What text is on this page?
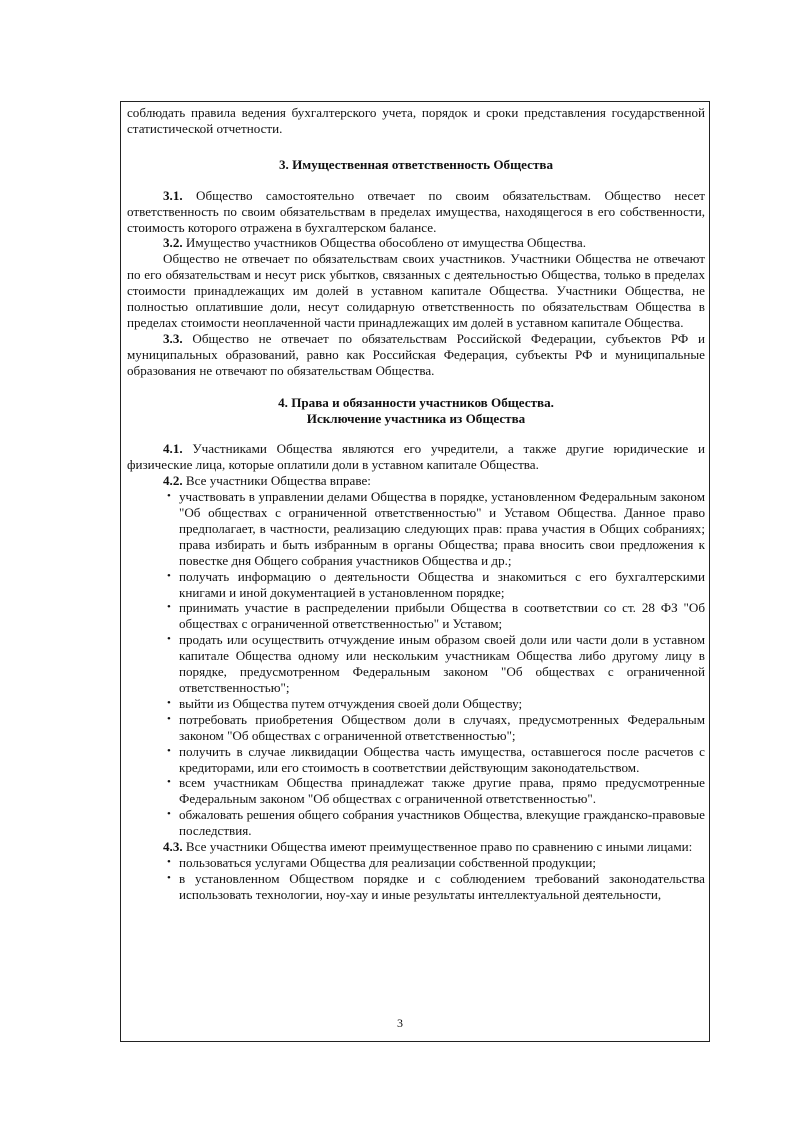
соблюдать правила ведения бухгалтерского учета, порядок и сроки представления государственной статистической отчетности.

3. Имущественная ответственность Общества

3.1. Общество самостоятельно отвечает по своим обязательствам. Общество несет ответственность по своим обязательствам в пределах имущества, находящегося в его собственности, стоимость которого отражена в бухгалтерском балансе.

3.2. Имущество участников Общества обособлено от имущества Общества.

Общество не отвечает по обязательствам своих участников. Участники Общества не отвечают по его обязательствам и несут риск убытков, связанных с деятельностью Общества, только в пределах стоимости принадлежащих им долей в уставном капитале Общества. Участники Общества, не полностью оплатившие доли, несут солидарную ответственность по обязательствам Общества в пределах стоимости неоплаченной части принадлежащих им долей в уставном капитале Общества.

3.3. Общество не отвечает по обязательствам Российской Федерации, субъектов РФ и муниципальных образований, равно как Российская Федерация, субъекты РФ и муниципальные образования не отвечают по обязательствам Общества.

4. Права и обязанности участников Общества.
Исключение участника из Общества

4.1. Участниками Общества являются его учредители, а также другие юридические и физические лица, которые оплатили доли в уставном капитале Общества.

4.2. Все участники Общества вправе:

• участвовать в управлении делами Общества в порядке, установленном Федеральным законом "Об обществах с ограниченной ответственностью" и Уставом Общества. Данное право предполагает, в частности, реализацию следующих прав: права участия в Общих собраниях; права избирать и быть избранным в органы Общества; права вносить свои предложения к повестке дня Общего собрания участников Общества и др.;
• получать информацию о деятельности Общества и знакомиться с его бухгалтерскими книгами и иной документацией в установленном порядке;
• принимать участие в распределении прибыли Общества в соответствии со ст. 28 ФЗ "Об обществах с ограниченной ответственностью" и Уставом;
• продать или осуществить отчуждение иным образом своей доли или части доли в уставном капитале Общества одному или нескольким участникам Общества либо другому лицу в порядке, предусмотренном Федеральным законом "Об обществах с ограниченной ответственностью";
• выйти из Общества путем отчуждения своей доли Обществу;
• потребовать приобретения Обществом доли в случаях, предусмотренных Федеральным законом "Об обществах с ограниченной ответственностью";
• получить в случае ликвидации Общества часть имущества, оставшегося после расчетов с кредиторами, или его стоимость в соответствии действующим законодательством.
• всем участникам Общества принадлежат также другие права, прямо предусмотренные Федеральным законом "Об обществах с ограниченной ответственностью".
• обжаловать решения общего собрания участников Общества, влекущие гражданско-правовые последствия.

4.3. Все участники Общества имеют преимущественное право по сравнению с иными лицами:

• пользоваться услугами Общества для реализации собственной продукции;
• в установленном Обществом порядке и с соблюдением требований законодательства использовать технологии, ноу-хау и иные результаты интеллектуальной деятельности,
3
